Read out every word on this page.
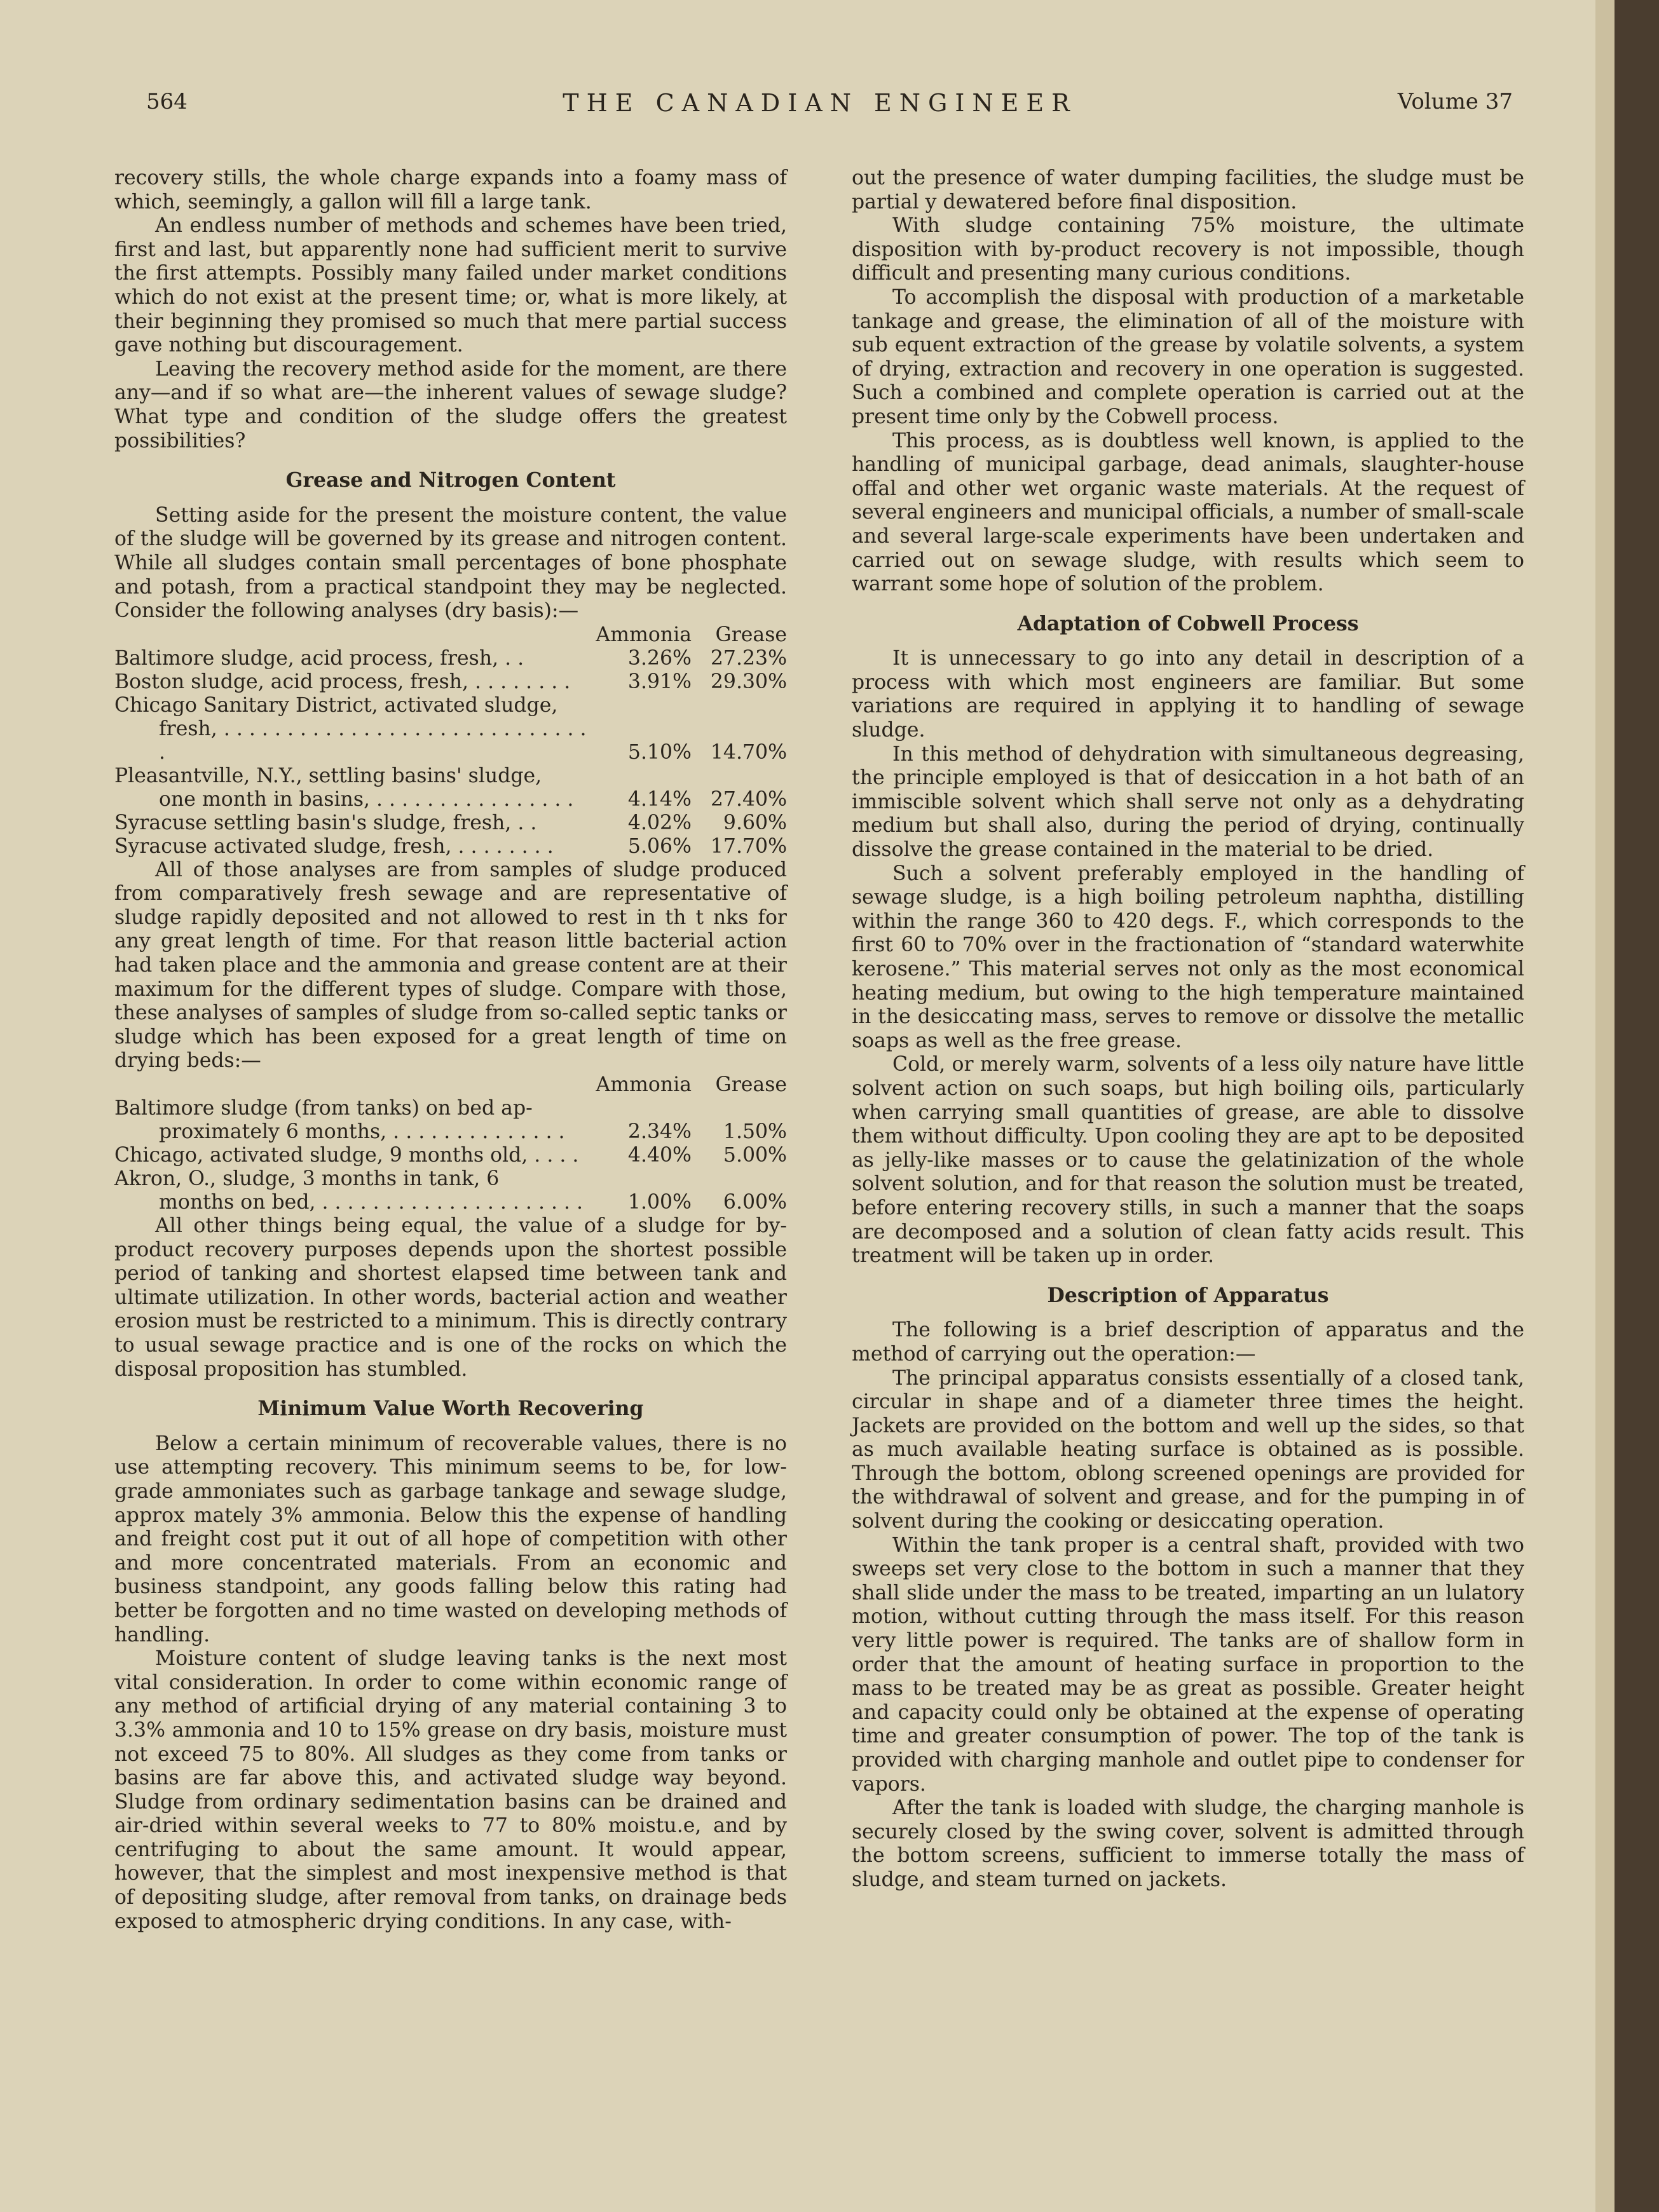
564	THE CANADIAN ENGINEER	Volume 37

recovery stills, the whole charge expands into a foamy mass of which, seemingly, a gallon will fill a large tank.

An endless number of methods and schemes have been tried, first and last, but apparently none had sufficient merit to survive the first attempts. Possibly many failed under market conditions which do not exist at the present time; or, what is more likely, at their beginning they promised so much that mere partial success gave nothing but discouragement.

Leaving the recovery method aside for the moment, are there any—and if so what are—the inherent values of sewage sludge? What type and condition of the sludge offers the greatest possibilities?

Grease and Nitrogen Content

Setting aside for the present the moisture content, the value of the sludge will be governed by its grease and nitrogen content. While all sludges contain small percentages of bone phosphate and potash, from a practical standpoint they may be neglected. Consider the following analyses (dry basis):—

	Ammonia	Grease
Baltimore sludge, acid process, fresh, . .	3.26%	27.23%
Boston sludge, acid process, fresh, . . . . . . . .	3.91%	29.30%
Chicago Sanitary District, activated sludge,		
fresh, . . . . . . . . . . . . . . . . . . . . . . . . . . . . . .	5.10%	14.70%
Pleasantville, N.Y., settling basins' sludge,		
one month in basins, . . . . . . . . . . . . . . . .	4.14%	27.40%
Syracuse settling basin's sludge, fresh, . .	4.02%	9.60%
Syracuse activated sludge, fresh, . . . . . . . .	5.06%	17.70%

All of those analyses are from samples of sludge produced from comparatively fresh sewage and are representative of sludge rapidly deposited and not allowed to rest in th t nks for any great length of time. For that reason little bacterial action had taken place and the ammonia and grease content are at their maximum for the different types of sludge. Compare with those, these analyses of samples of sludge from so-called septic tanks or sludge which has been exposed for a great length of time on drying beds:—

	Ammonia	Grease
Baltimore sludge (from tanks) on bed ap-		
proximately 6 months, . . . . . . . . . . . . . .	2.34%	1.50%
Chicago, activated sludge, 9 months old, . . . .	4.40%	5.00%
Akron, O., sludge, 3 months in tank, 6		
months on bed, . . . . . . . . . . . . . . . . . . . . .	1.00%	6.00%

All other things being equal, the value of a sludge for by-product recovery purposes depends upon the shortest possible period of tanking and shortest elapsed time between tank and ultimate utilization. In other words, bacterial action and weather erosion must be restricted to a minimum. This is directly contrary to usual sewage practice and is one of the rocks on which the disposal proposition has stumbled.

Minimum Value Worth Recovering

Below a certain minimum of recoverable values, there is no use attempting recovery. This minimum seems to be, for low-grade ammoniates such as garbage tankage and sewage sludge, approx mately 3% ammonia. Below this the expense of handling and freight cost put it out of all hope of competition with other and more concentrated materials. From an economic and business standpoint, any goods falling below this rating had better be forgotten and no time wasted on developing methods of handling.

Moisture content of sludge leaving tanks is the next most vital consideration. In order to come within economic range of any method of artificial drying of any material containing 3 to 3.3% ammonia and 10 to 15% grease on dry basis, moisture must not exceed 75 to 80%. All sludges as they come from tanks or basins are far above this, and activated sludge way beyond. Sludge from ordinary sedimentation basins can be drained and air-dried within several weeks to 77 to 80% moistu.e, and by centrifuging to about the same amount. It would appear, however, that the simplest and most inexpensive method is that of depositing sludge, after removal from tanks, on drainage beds exposed to atmospheric drying conditions. In any case, with-

out the presence of water dumping facilities, the sludge must be partial y dewatered before final disposition.

With sludge containing 75% moisture, the ultimate disposition with by-product recovery is not impossible, though difficult and presenting many curious conditions.

To accomplish the disposal with production of a marketable tankage and grease, the elimination of all of the moisture with sub equent extraction of the grease by volatile solvents, a system of drying, extraction and recovery in one operation is suggested. Such a combined and complete operation is carried out at the present time only by the Cobwell process.

This process, as is doubtless well known, is applied to the handling of municipal garbage, dead animals, slaughter-house offal and other wet organic waste materials. At the request of several engineers and municipal officials, a number of small-scale and several large-scale experiments have been undertaken and carried out on sewage sludge, with results which seem to warrant some hope of solution of the problem.

Adaptation of Cobwell Process

It is unnecessary to go into any detail in description of a process with which most engineers are familiar. But some variations are required in applying it to handling of sewage sludge.

In this method of dehydration with simultaneous degreasing, the principle employed is that of desiccation in a hot bath of an immiscible solvent which shall serve not only as a dehydrating medium but shall also, during the period of drying, continually dissolve the grease contained in the material to be dried.

Such a solvent preferably employed in the handling of sewage sludge, is a high boiling petroleum naphtha, distilling within the range 360 to 420 degs. F., which corresponds to the first 60 to 70% over in the fractionation of “standard waterwhite kerosene.” This material serves not only as the most economical heating medium, but owing to the high temperature maintained in the desiccating mass, serves to remove or dissolve the metallic soaps as well as the free grease.

Cold, or merely warm, solvents of a less oily nature have little solvent action on such soaps, but high boiling oils, particularly when carrying small quantities of grease, are able to dissolve them without difficulty. Upon cooling they are apt to be deposited as jelly-like masses or to cause the gelatinization of the whole solvent solution, and for that reason the solution must be treated, before entering recovery stills, in such a manner that the soaps are decomposed and a solution of clean fatty acids result. This treatment will be taken up in order.

Description of Apparatus

The following is a brief description of apparatus and the method of carrying out the operation:—

The principal apparatus consists essentially of a closed tank, circular in shape and of a diameter three times the height. Jackets are provided on the bottom and well up the sides, so that as much available heating surface is obtained as is possible. Through the bottom, oblong screened openings are provided for the withdrawal of solvent and grease, and for the pumping in of solvent during the cooking or desiccating operation.

Within the tank proper is a central shaft, provided with two sweeps set very close to the bottom in such a manner that they shall slide under the mass to be treated, imparting an un lulatory motion, without cutting through the mass itself. For this reason very little power is required. The tanks are of shallow form in order that the amount of heating surface in proportion to the mass to be treated may be as great as possible. Greater height and capacity could only be obtained at the expense of operating time and greater consumption of power. The top of the tank is provided with charging manhole and outlet pipe to condenser for vapors.

After the tank is loaded with sludge, the charging manhole is securely closed by the swing cover, solvent is admitted through the bottom screens, sufficient to immerse totally the mass of sludge, and steam turned on jackets.
